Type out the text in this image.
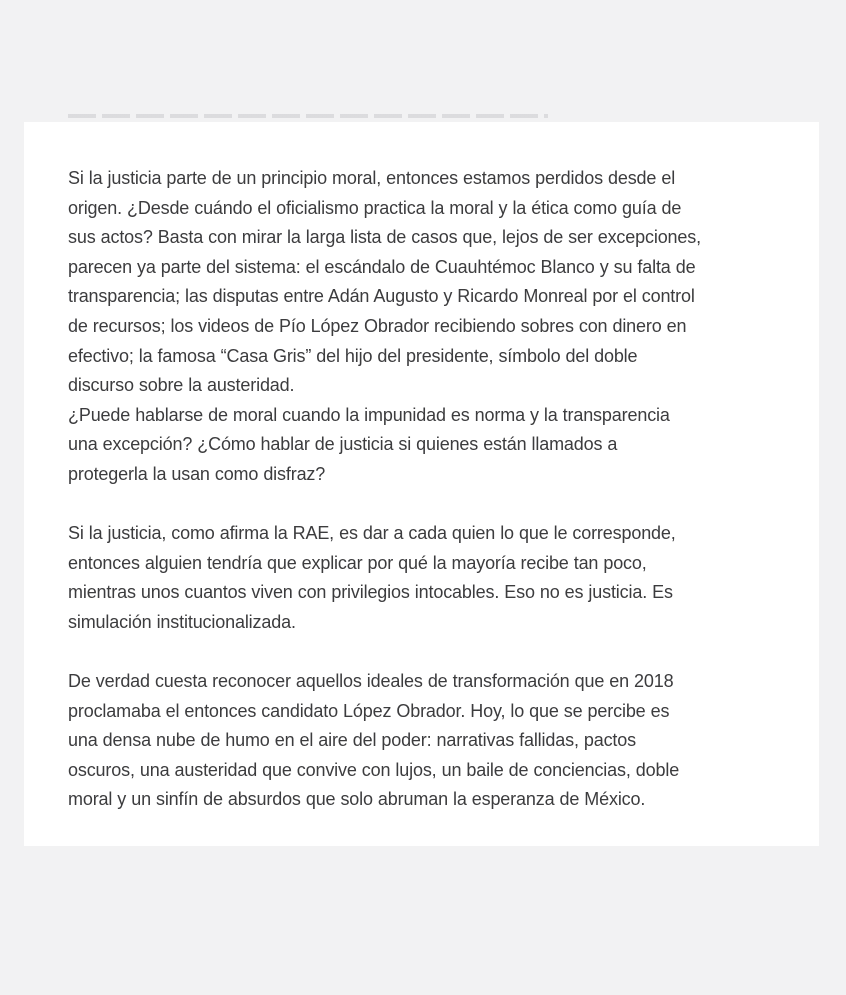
Si la justicia parte de un principio moral, entonces estamos perdidos desde el
origen. ¿Desde cuándo el oficialismo practica la moral y la ética como guía de
sus actos? Basta con mirar la larga lista de casos que, lejos de ser excepciones,
parecen ya parte del sistema: el escándalo de Cuauhtémoc Blanco y su falta de
transparencia; las disputas entre Adán Augusto y Ricardo Monreal por el control
de recursos; los videos de Pío López Obrador recibiendo sobres con dinero en
efectivo; la famosa “Casa Gris” del hijo del presidente, símbolo del doble
discurso sobre la austeridad.
¿Puede hablarse de moral cuando la impunidad es norma y la transparencia
una excepción? ¿Cómo hablar de justicia si quienes están llamados a
protegerla la usan como disfraz?
Si la justicia, como afirma la RAE, es dar a cada quien lo que le corresponde,
entonces alguien tendría que explicar por qué la mayoría recibe tan poco,
mientras unos cuantos viven con privilegios intocables. Eso no es justicia. Es
simulación institucionalizada.
De verdad cuesta reconocer aquellos ideales de transformación que en 2018
proclamaba el entonces candidato López Obrador. Hoy, lo que se percibe es
una densa nube de humo en el aire del poder: narrativas fallidas, pactos
oscuros, una austeridad que convive con lujos, un baile de conciencias, doble
moral y un sinfín de absurdos que solo abruman la esperanza de México.
